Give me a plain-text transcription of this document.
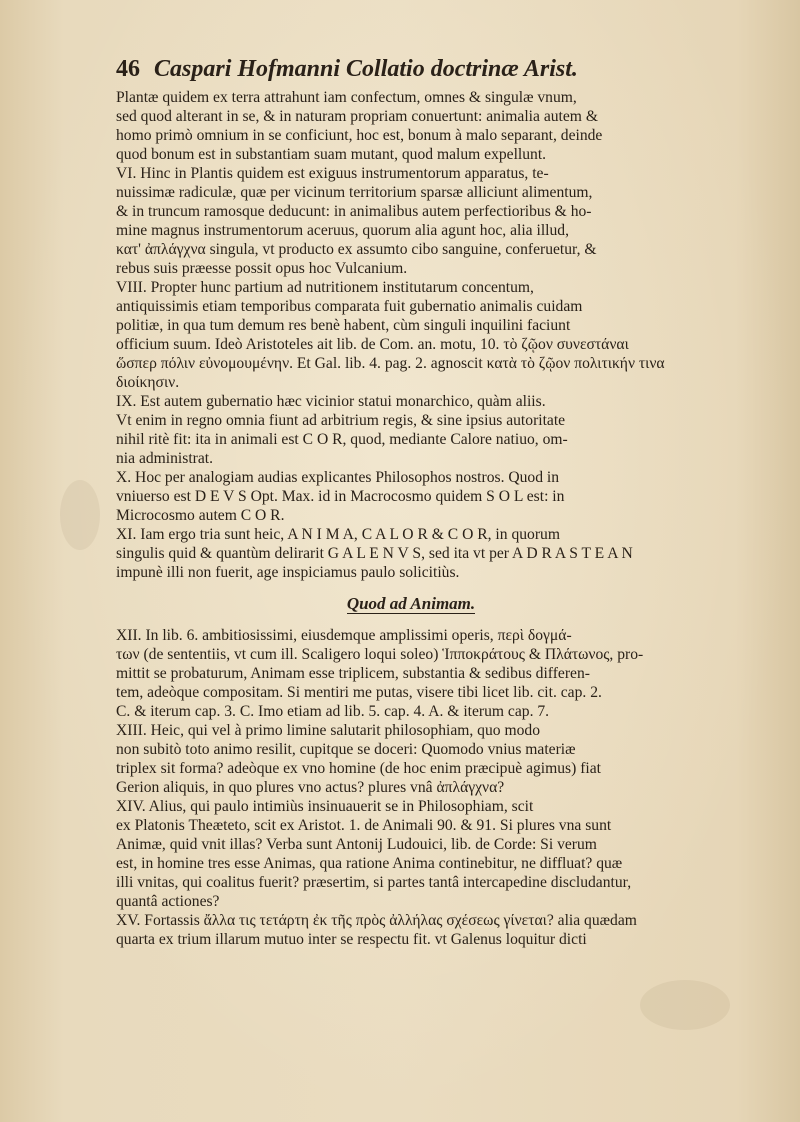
46 Caspari Hofmanni Collatio doctrinæ Arist.
Plantæ quidem ex terra attrahunt iam confectum, omnes & singulæ vnum,
sed quod alterant in se, & in naturam propriam conuertunt: animalia autem &
homo primò omnium in se conficiunt, hoc est, bonum à malo separant, deinde
quod bonum est in substantiam suam mutant, quod malum expellunt.
VI. Hinc in Plantis quidem est exiguus instrumentorum apparatus, te-
nuissimæ radiculæ, quæ per vicinum territorium sparsæ alliciunt alimentum,
& in truncum ramosque deducunt: in animalibus autem perfectioribus & ho-
mine magnus instrumentorum aceruus, quorum alia agunt hoc, alia illud,
κατ' ἀπλάγχνα singula, vt producto ex assumto cibo sanguine, conferuetur, &
rebus suis præesse possit opus hoc Vulcanium.
VIII. Propter hunc partium ad nutritionem institutarum concentum,
antiquissimis etiam temporibus comparata fuit gubernatio animalis cuidam
politiæ, in qua tum demum res benè habent, cùm singuli inquilini faciunt
officium suum. Ideò Aristoteles ait lib. de Com. an. motu, 10. τὸ ζῷον συνεστάναι
ὥσπερ πόλιν εὐνομουμένην. Et Gal. lib. 4. pag. 2. agnoscit κατὰ τὸ ζῷον πολιτικήν τινα
διοίκησιν.
IX. Est autem gubernatio hæc vicinior statui monarchico, quàm aliis.
Vt enim in regno omnia fiunt ad arbitrium regis, & sine ipsius autoritate
nihil ritè fit: ita in animali est C O R, quod, mediante Calore natiuo, om-
nia administrat.
X. Hoc per analogiam audias explicantes Philosophos nostros. Quod in
vniuerso est D E V S Opt. Max. id in Macrocosmo quidem S O L est: in
Microcosmo autem C O R.
XI. Iam ergo tria sunt heic, A N I M A, C A L O R & C O R, in quorum
singulis quid & quantùm delirarit G A L E N V S, sed ita vt per A D R A S T E A N
impunè illi non fuerit, age inspiciamus paulo solicitiùs.
Quod ad Animam.
XII. In lib. 6. ambitiosissimi, eiusdemque amplissimi operis, περὶ δογμά-
των (de sententiis, vt cum ill. Scaligero loqui soleo) Ἱπποκράτους & Πλάτωνος, pro-
mittit se probaturum, Animam esse triplicem, substantia & sedibus differen-
tem, adeòque compositam. Si mentiri me putas, visere tibi licet lib. cit. cap. 2.
C. & iterum cap. 3. C. Imo etiam ad lib. 5. cap. 4. A. & iterum cap. 7.
XIII. Heic, qui vel à primo limine salutarit philosophiam, quo modo
non subitò toto animo resilit, cupitque se doceri: Quomodo vnius materiæ
triplex sit forma? adeòque ex vno homine (de hoc enim præcipuè agimus) fiat
Gerion aliquis, in quo plures vno actus? plures vnâ ἀπλάγχνα?
XIV. Alius, qui paulo intimiùs insinuauerit se in Philosophiam, scit
ex Platonis Theæteto, scit ex Aristot. 1. de Animali 90. & 91. Si plures vna sunt
Animæ, quid vnit illas? Verba sunt Antonij Ludouici, lib. de Corde: Si verum
est, in homine tres esse Animas, qua ratione Anima continebitur, ne diffluat? quæ
illi vnitas, qui coalitus fuerit? præsertim, si partes tantâ intercapedine discludantur,
quantâ actiones?
XV. Fortassis ἄλλα τις τετάρτη ἐκ τῆς πρὸς ἀλλήλας σχέσεως γίνεται? alia quædam
quarta ex trium illarum mutuo inter se respectu fit. vt Galenus loquitur dicti
